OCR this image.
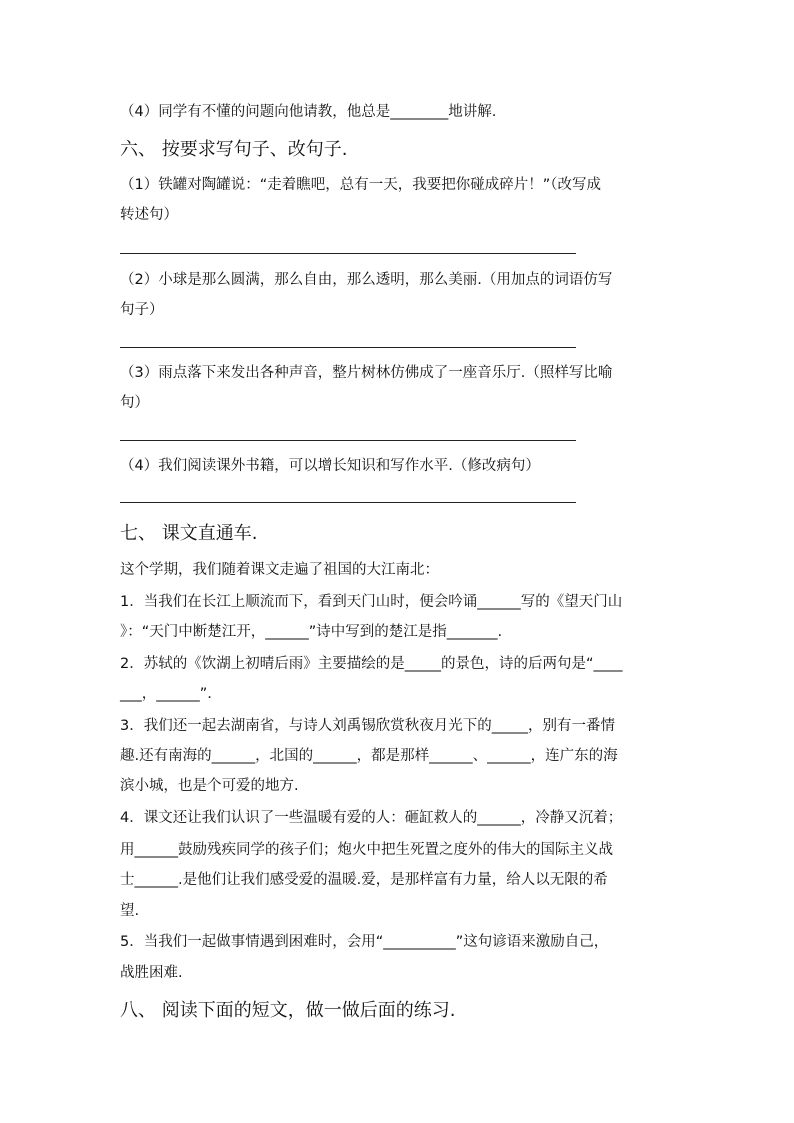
（4）同学有不懂的问题向他请教，他总是________地讲解.
六、 按要求写句子、改句子.
（1）铁罐对陶罐说：“走着瞧吧，总有一天，我要把你碰成碎片！”（改写成
转述句）
（2）小球是那么圆满，那么自由，那么透明，那么美丽.（用加点的词语仿写
句子）
（3）雨点落下来发出各种声音，整片树林仿佛成了一座音乐厅.（照样写比喻
句）
（4）我们阅读课外书籍，可以增长知识和写作水平.（修改病句）
七、 课文直通车.
这个学期，我们随着课文走遍了祖国的大江南北：
1．当我们在长江上顺流而下，看到天门山时，便会吟诵______写的《望天门山
》：“天门中断楚江开，______”诗中写到的楚江是指_______.
2．苏轼的《饮湖上初晴后雨》主要描绘的是_____的景色，诗的后两句是“____
___，______”.
3．我们还一起去湖南省，与诗人刘禹锡欣赏秋夜月光下的_____，别有一番情
趣.还有南海的______，北国的______，都是那样______、______，连广东的海
滨小城，也是个可爱的地方.
4．课文还让我们认识了一些温暖有爱的人：砸缸救人的______，冷静又沉着；
用______鼓励残疾同学的孩子们；炮火中把生死置之度外的伟大的国际主义战
士______.是他们让我们感受爱的温暖.爱，是那样富有力量，给人以无限的希
望.
5．当我们一起做事情遇到困难时，会用“__________”这句谚语来激励自己，
战胜困难.
八、 阅读下面的短文，做一做后面的练习.
